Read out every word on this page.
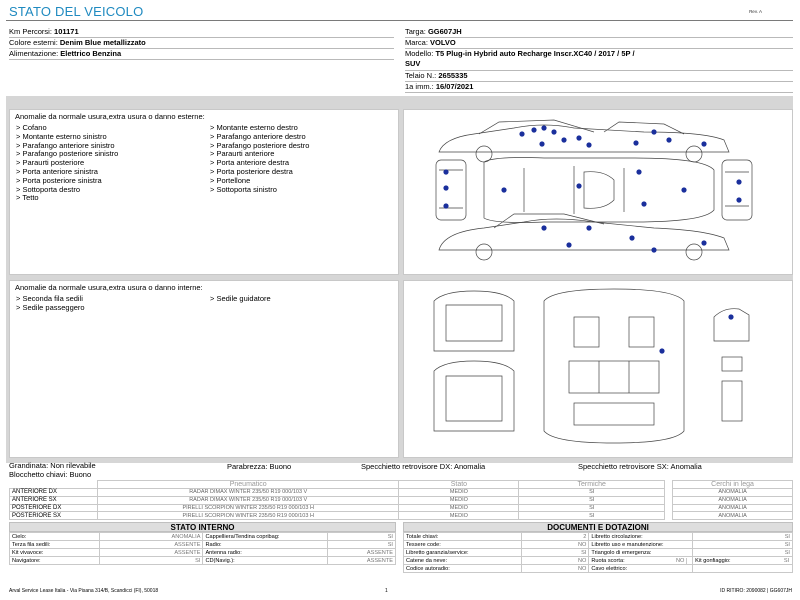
STATO DEL VEICOLO	Rev. A
Km Percorsi: 101171
Colore esterni: Denim Blue metallizzato
Alimentazione: Elettrico Benzina
Targa: GG607JH
Marca: VOLVO
Modello: T5 Plug-in Hybrid auto Recharge Inscr.XC40 / 2017 / 5P /
SUV
Telaio N.: 2655335
1a imm.: 16/07/2021
Anomalie da normale usura,extra usura o danno esterne:
> Cofano
> Montante esterno sinistro
> Parafango anteriore sinistro
> Parafango posteriore sinistro
> Paraurti posteriore
> Porta anteriore sinistra
> Porta posteriore sinistra
> Sottoporta destro
> Tetto
> Montante esterno destro
> Parafango anteriore destro
> Parafango posteriore destro
> Paraurti anteriore
> Porta anteriore destra
> Porta posteriore destra
> Portellone
> Sottoporta sinistro
Anomalie da normale usura,extra usura o danno interne:
> Seconda fila sedili
> Sedile passeggero
> Sedile guidatore
Grandinata: Non rilevabile
Blocchetto chiavi: Buono
Parabrezza: Buono	Specchietto retrovisore DX: Anomalia	Specchietto retrovisore SX: Anomalia
	Pneumatico	Stato	Termiche		Cerchi in lega
ANTERIORE DX	RADAR DIMAX WINTER 235/50 R19 000/103 V	MEDIO	SI		ANOMALIA
ANTERIORE SX	RADAR DIMAX WINTER 235/50 R19 000/103 V	MEDIO	SI		ANOMALIA
POSTERIORE DX	PIRELLI SCORPION WINTER 235/50 R19 000/103 H	MEDIO	SI		ANOMALIA
POSTERIORE SX	PIRELLI SCORPION WINTER 235/50 R19 000/103 H	MEDIO	SI		ANOMALIA
STATO INTERNO
Cielo:	ANOMALIA	Cappelliera/Tendina copribag:	SI
Terza fila sedili:	ASSENTE	Radio:	SI
Kit vivavoce:	ASSENTE	Antenna radio:	ASSENTE
Navigatore:	SI	CD(Navig.):	ASSENTE
DOCUMENTI E DOTAZIONI
Totale chiavi:	2	Libretto circolazione:	SI
Tessere code:	NO	Libretto uso e manutenzione:	SI
Libretto garanzia/service:	SI	Triangolo di emergenza:	SI
Catene da neve:	NO	Ruota scorta: NO	Kit gonfiaggio: SI
Codice autoradio:	NO	Cavo elettrico:	
Arval Service Lease Italia - Via Pisana 314/B, Scandicci (FI), 50018	1	ID RITIRO: 2090082 | GG607JH
